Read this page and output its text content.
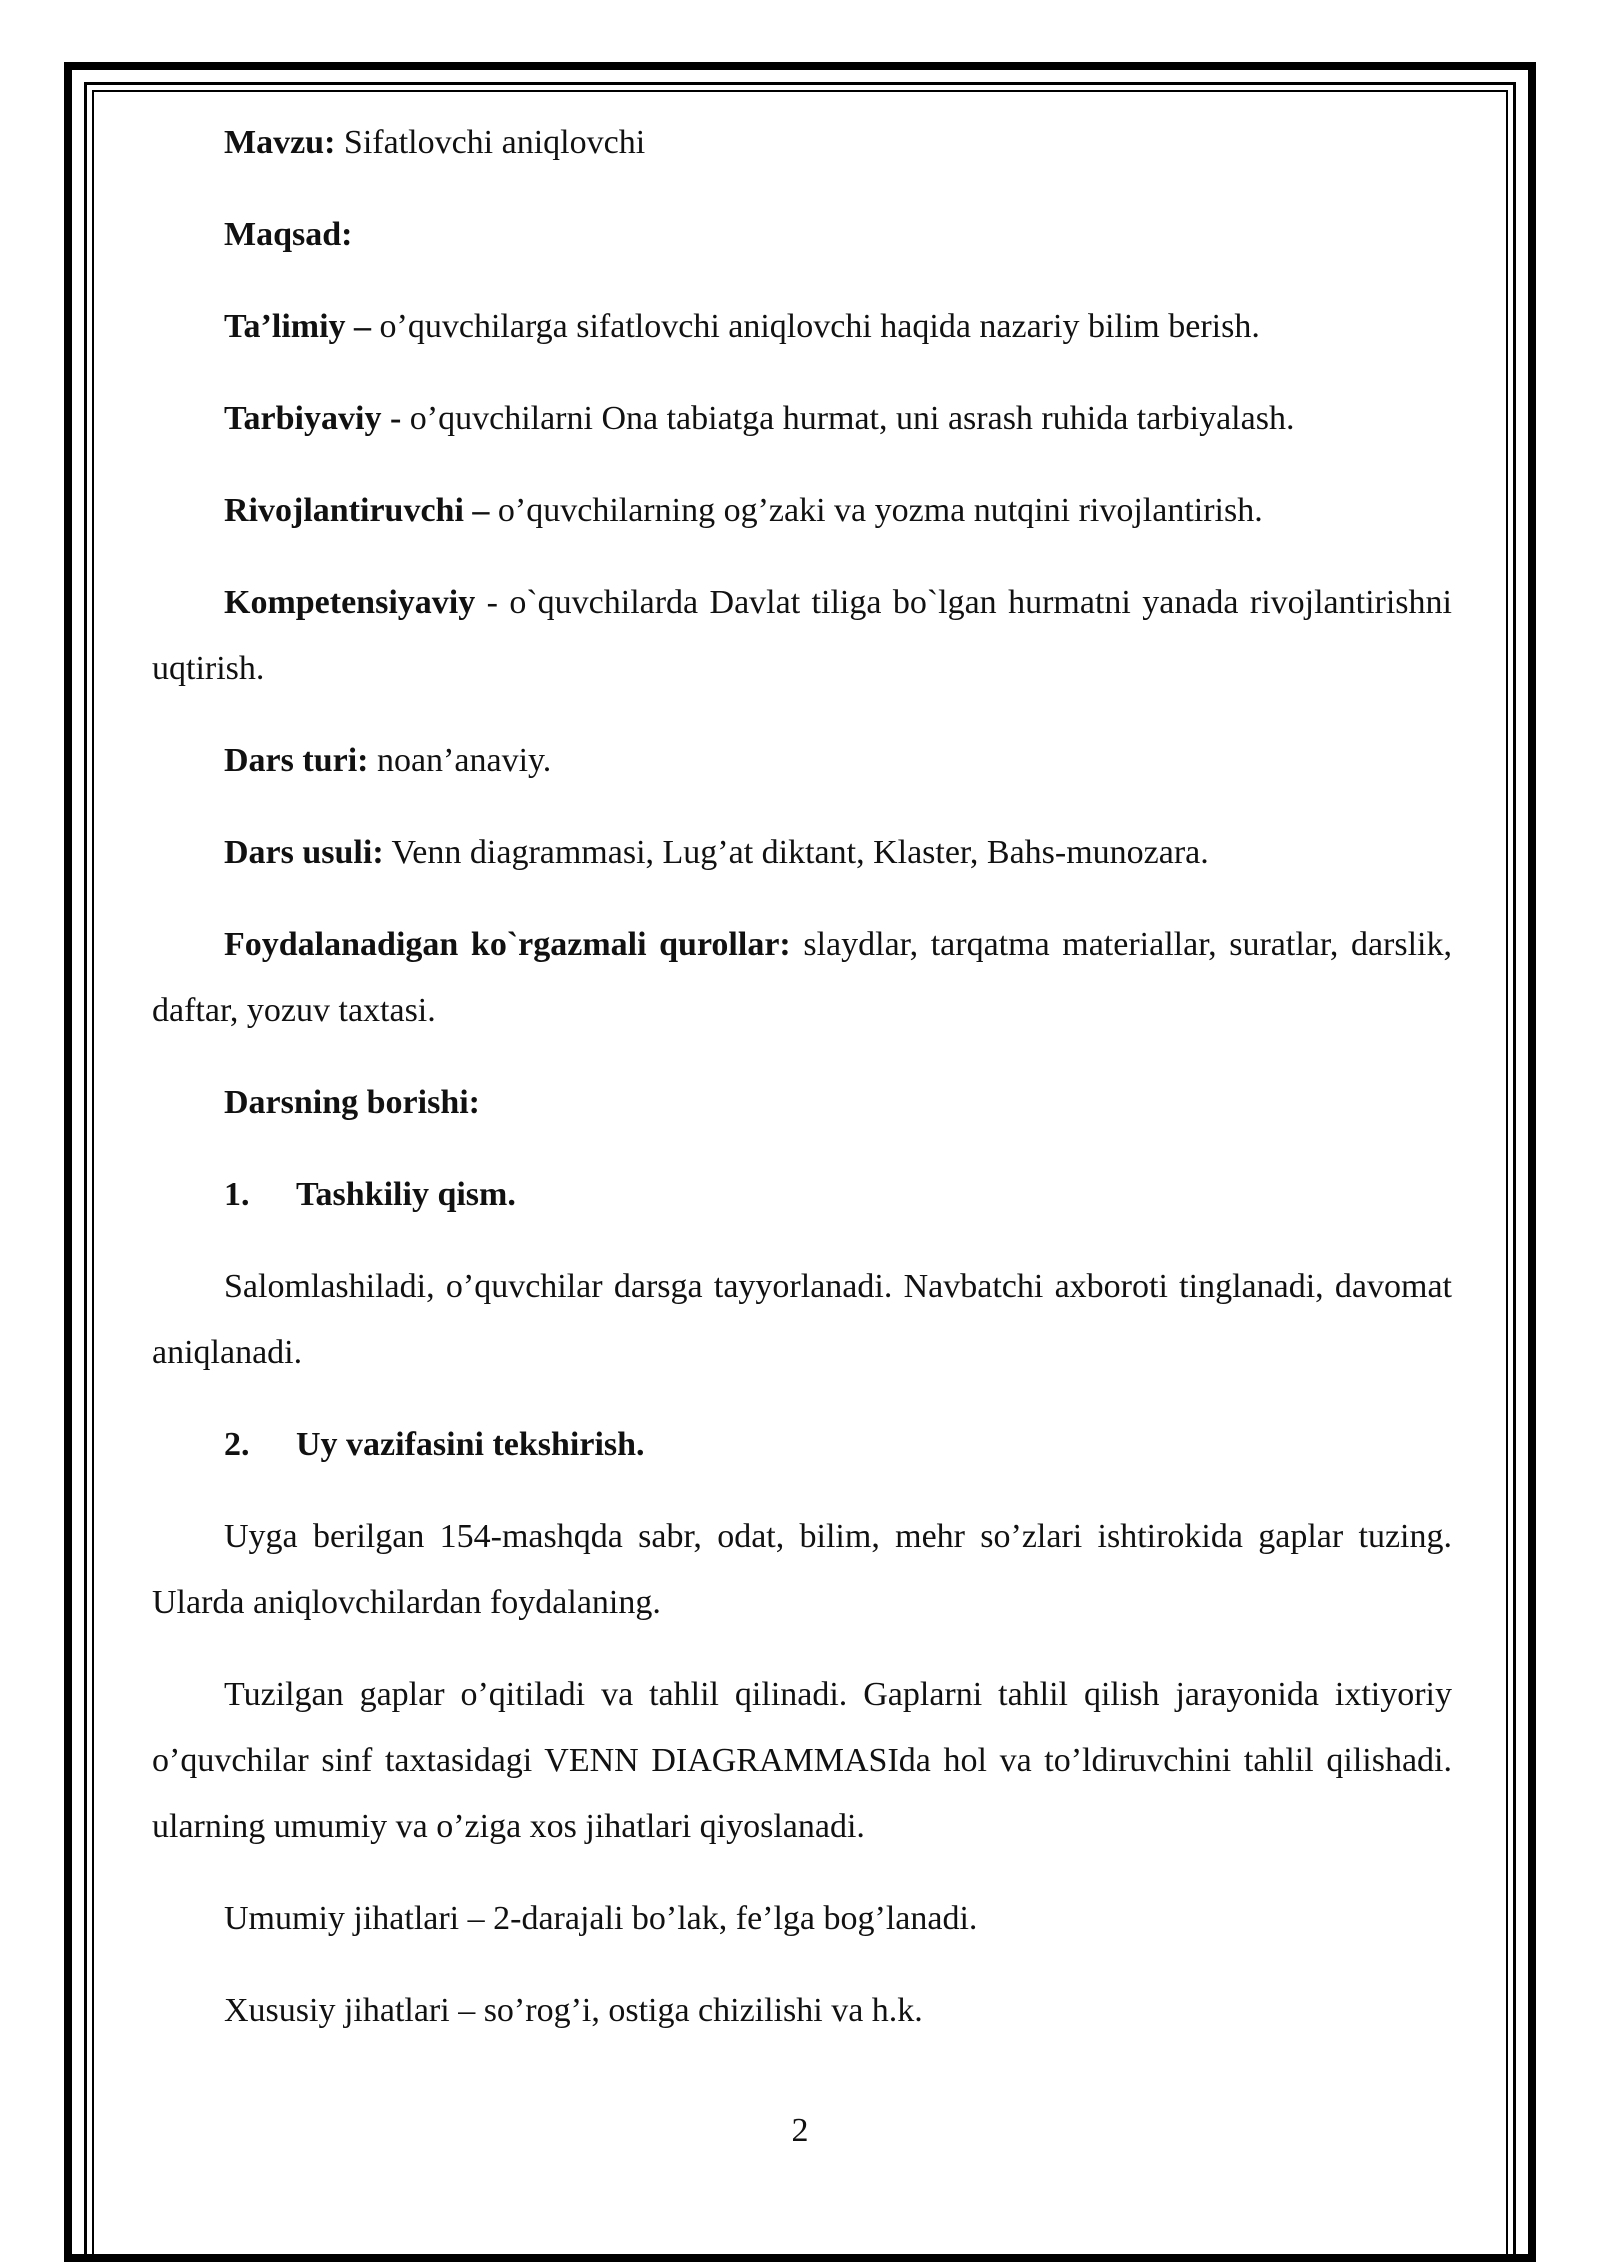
Mavzu: Sifatlovchi aniqlovchi

Maqsad:

Ta’limiy – o’quvchilarga sifatlovchi aniqlovchi haqida nazariy bilim berish.

Tarbiyaviy - o’quvchilarni Ona tabiatga hurmat, uni asrash ruhida tarbiyalash.

Rivojlantiruvchi – o’quvchilarning og’zaki va yozma nutqini rivojlantirish.

Kompetensiyaviy - o`quvchilarda Davlat tiliga bo`lgan hurmatni yanada rivojlantirishni uqtirish.

Dars turi: noan’anaviy.

Dars usuli: Venn diagrammasi, Lug’at diktant, Klaster, Bahs-munozara.

Foydalanadigan ko`rgazmali qurollar: slaydlar, tarqatma materiallar, suratlar, darslik, daftar, yozuv taxtasi.

Darsning borishi:

1.	Tashkiliy qism.

Salomlashiladi, o’quvchilar darsga tayyorlanadi. Navbatchi axboroti tinglanadi, davomat aniqlanadi.

2.	Uy vazifasini tekshirish.

Uyga berilgan 154-mashqda sabr, odat, bilim, mehr so’zlari ishtirokida gaplar tuzing. Ularda aniqlovchilardan foydalaning.

Tuzilgan gaplar o’qitiladi va tahlil qilinadi. Gaplarni tahlil qilish jarayonida ixtiyoriy o’quvchilar sinf taxtasidagi VENN DIAGRAMMASIda hol va to’ldiruvchini tahlil qilishadi. ularning umumiy va o’ziga xos jihatlari qiyoslanadi.

Umumiy jihatlari – 2-darajali bo’lak, fe’lga bog’lanadi.

Xususiy jihatlari – so’rog’i, ostiga chizilishi va h.k.

2
